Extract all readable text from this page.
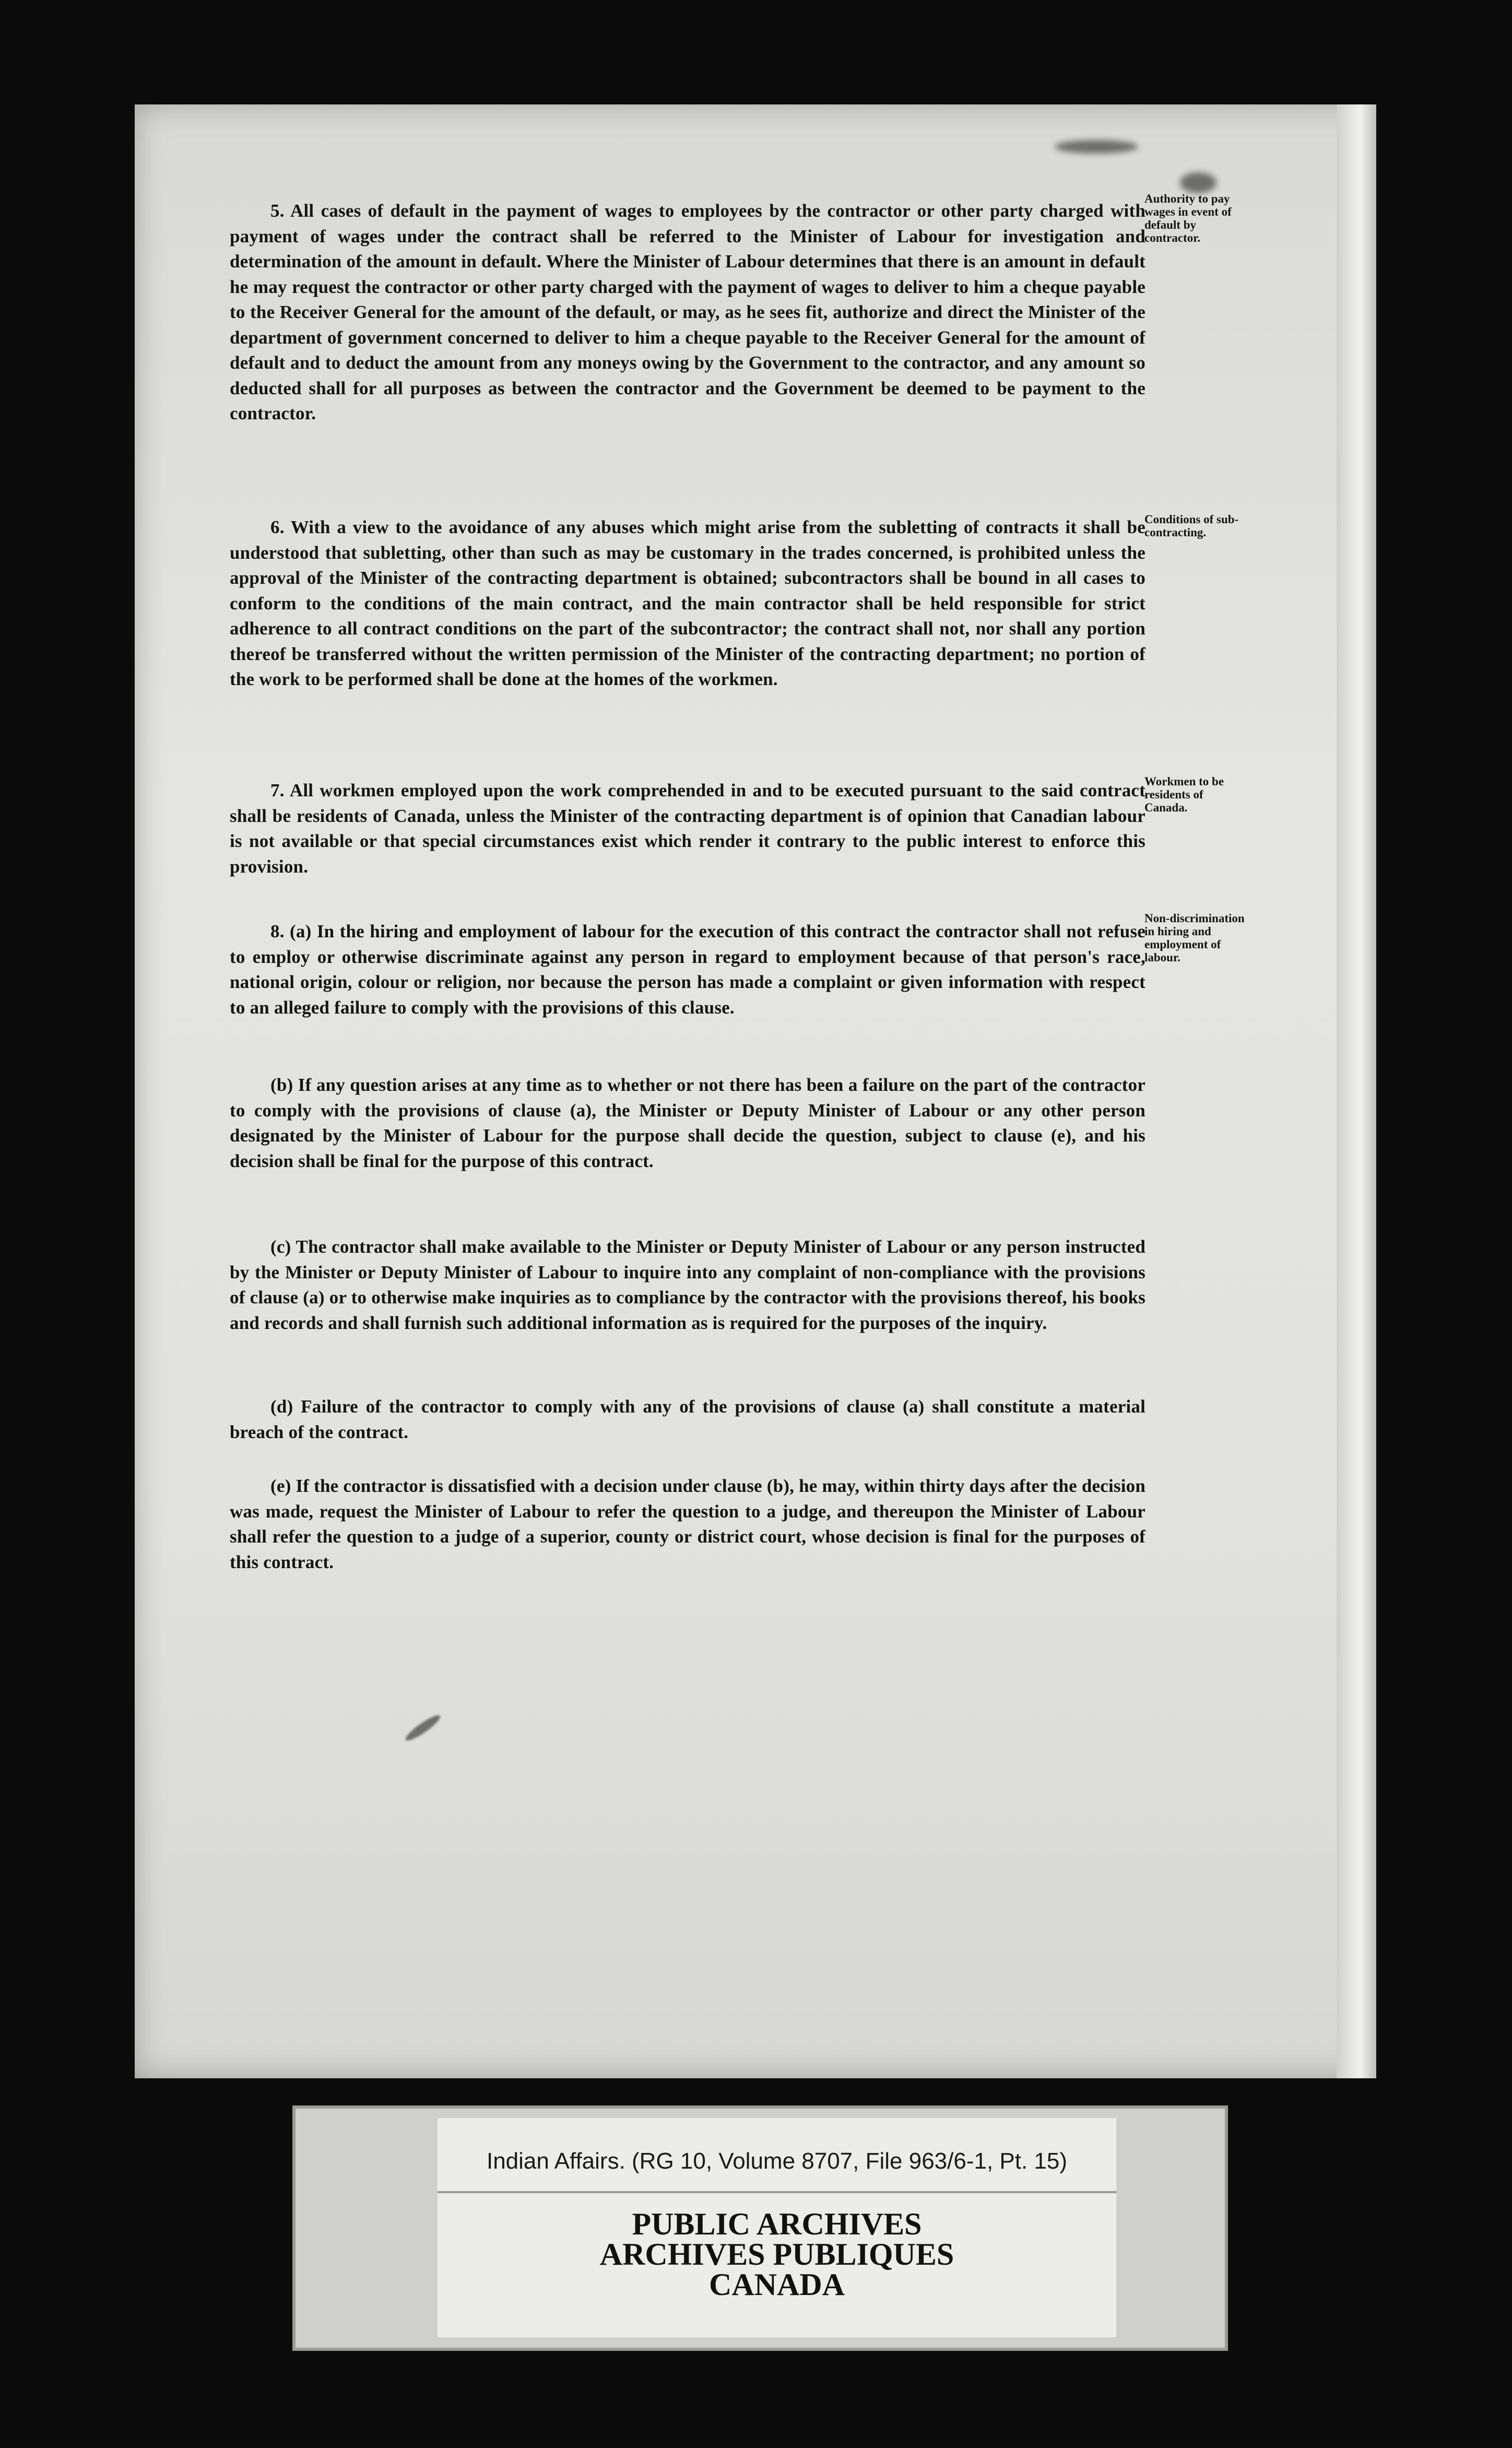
5. All cases of default in the payment of wages to employees by the contractor or other party charged with payment of wages under the contract shall be referred to the Minister of Labour for investigation and determination of the amount in default. Where the Minister of Labour determines that there is an amount in default he may request the contractor or other party charged with the payment of wages to deliver to him a cheque payable to the Receiver General for the amount of the default, or may, as he sees fit, authorize and direct the Minister of the department of government concerned to deliver to him a cheque payable to the Receiver General for the amount of default and to deduct the amount from any moneys owing by the Government to the contractor, and any amount so deducted shall for all purposes as between the contractor and the Government be deemed to be payment to the contractor.
Authority to pay wages in event of default by contractor.
6. With a view to the avoidance of any abuses which might arise from the subletting of contracts it shall be understood that subletting, other than such as may be customary in the trades concerned, is prohibited unless the approval of the Minister of the contracting department is obtained; subcontractors shall be bound in all cases to conform to the conditions of the main contract, and the main contractor shall be held responsible for strict adherence to all contract conditions on the part of the subcontractor; the contract shall not, nor shall any portion thereof be transferred without the written permission of the Minister of the contracting department; no portion of the work to be performed shall be done at the homes of the workmen.
Conditions of sub-contracting.
7. All workmen employed upon the work comprehended in and to be executed pursuant to the said contract shall be residents of Canada, unless the Minister of the contracting department is of opinion that Canadian labour is not available or that special circumstances exist which render it contrary to the public interest to enforce this provision.
Workmen to be residents of Canada.
8. (a) In the hiring and employment of labour for the execution of this contract the contractor shall not refuse to employ or otherwise discriminate against any person in regard to employment because of that person's race, national origin, colour or religion, nor because the person has made a complaint or given information with respect to an alleged failure to comply with the provisions of this clause.
Non-discrimination in hiring and employment of labour.
(b) If any question arises at any time as to whether or not there has been a failure on the part of the contractor to comply with the provisions of clause (a), the Minister or Deputy Minister of Labour or any other person designated by the Minister of Labour for the purpose shall decide the question, subject to clause (e), and his decision shall be final for the purpose of this contract.
(c) The contractor shall make available to the Minister or Deputy Minister of Labour or any person instructed by the Minister or Deputy Minister of Labour to inquire into any complaint of non-compliance with the provisions of clause (a) or to otherwise make inquiries as to compliance by the contractor with the provisions thereof, his books and records and shall furnish such additional information as is required for the purposes of the inquiry.
(d) Failure of the contractor to comply with any of the provisions of clause (a) shall constitute a material breach of the contract.
(e) If the contractor is dissatisfied with a decision under clause (b), he may, within thirty days after the decision was made, request the Minister of Labour to refer the question to a judge, and thereupon the Minister of Labour shall refer the question to a judge of a superior, county or district court, whose decision is final for the purposes of this contract.
Indian Affairs. (RG 10, Volume 8707, File 963/6-1, Pt. 15)
PUBLIC ARCHIVES
ARCHIVES PUBLIQUES
CANADA
